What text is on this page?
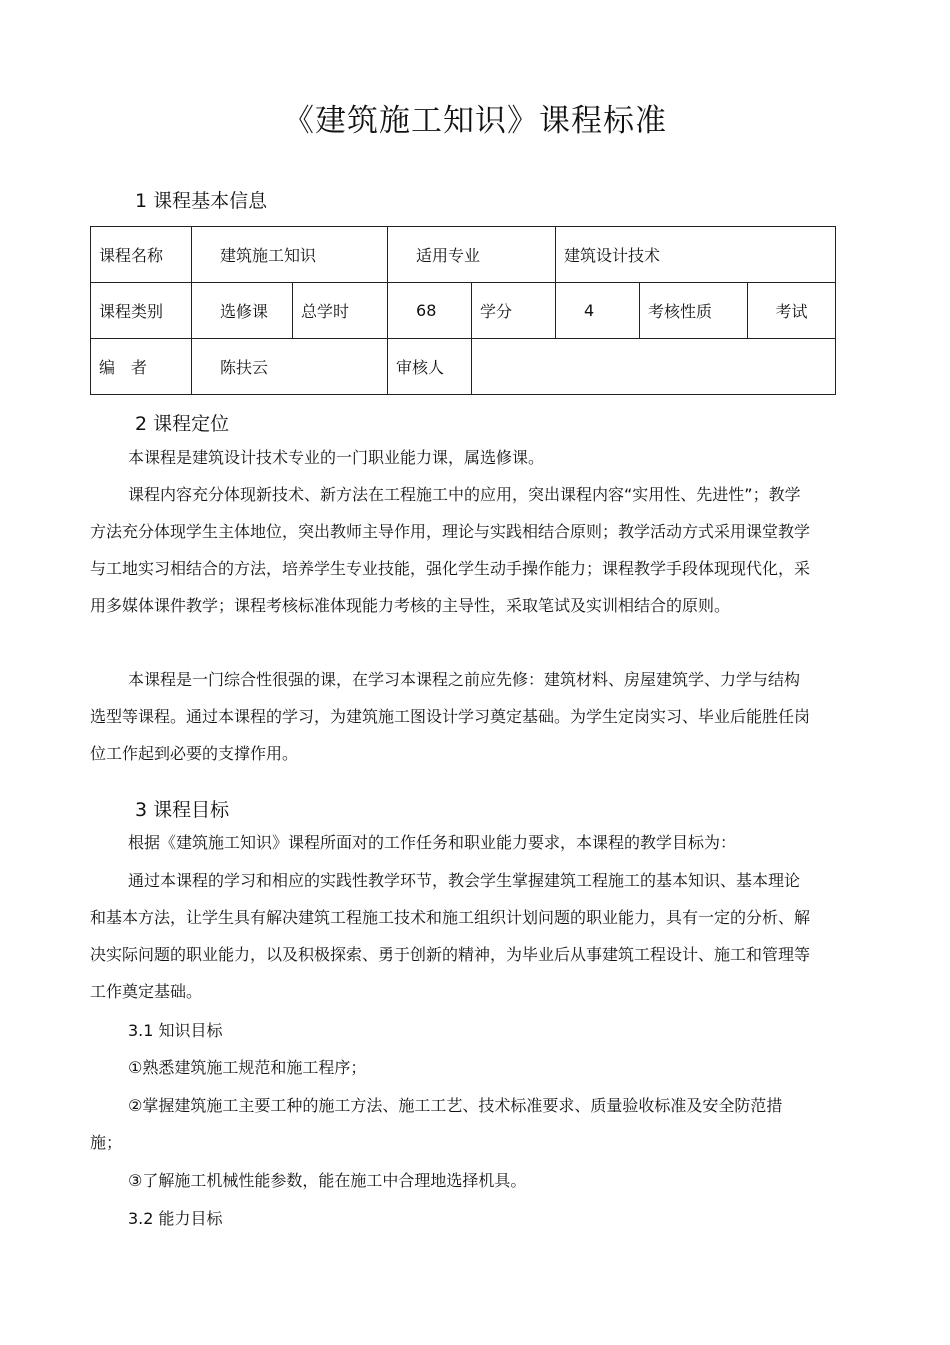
《建筑施工知识》课程标准
1 课程基本信息
课程名称	建筑施工知识		适用专业		建筑设计技术		
课程类别	选修课	总学时	68	学分	4	考核性质	考试
编　者	陈扶云		审核人				
2 课程定位
本课程是建筑设计技术专业的一门职业能力课，属选修课。
课程内容充分体现新技术、新方法在工程施工中的应用，突出课程内容“实用性、先进性”；教学方法充分体现学生主体地位，突出教师主导作用，理论与实践相结合原则；教学活动方式采用课堂教学与工地实习相结合的方法，培养学生专业技能，强化学生动手操作能力；课程教学手段体现现代化，采用多媒体课件教学；课程考核标准体现能力考核的主导性，采取笔试及实训相结合的原则。
本课程是一门综合性很强的课，在学习本课程之前应先修：建筑材料、房屋建筑学、力学与结构选型等课程。通过本课程的学习，为建筑施工图设计学习奠定基础。为学生定岗实习、毕业后能胜任岗位工作起到必要的支撑作用。
3 课程目标
根据《建筑施工知识》课程所面对的工作任务和职业能力要求，本课程的教学目标为：
通过本课程的学习和相应的实践性教学环节，教会学生掌握建筑工程施工的基本知识、基本理论和基本方法，让学生具有解决建筑工程施工技术和施工组织计划问题的职业能力，具有一定的分析、解决实际问题的职业能力，以及积极探索、勇于创新的精神，为毕业后从事建筑工程设计、施工和管理等工作奠定基础。
3.1 知识目标
①熟悉建筑施工规范和施工程序；
②掌握建筑施工主要工种的施工方法、施工工艺、技术标准要求、质量验收标准及安全防范措施；
③了解施工机械性能参数，能在施工中合理地选择机具。
3.2 能力目标
